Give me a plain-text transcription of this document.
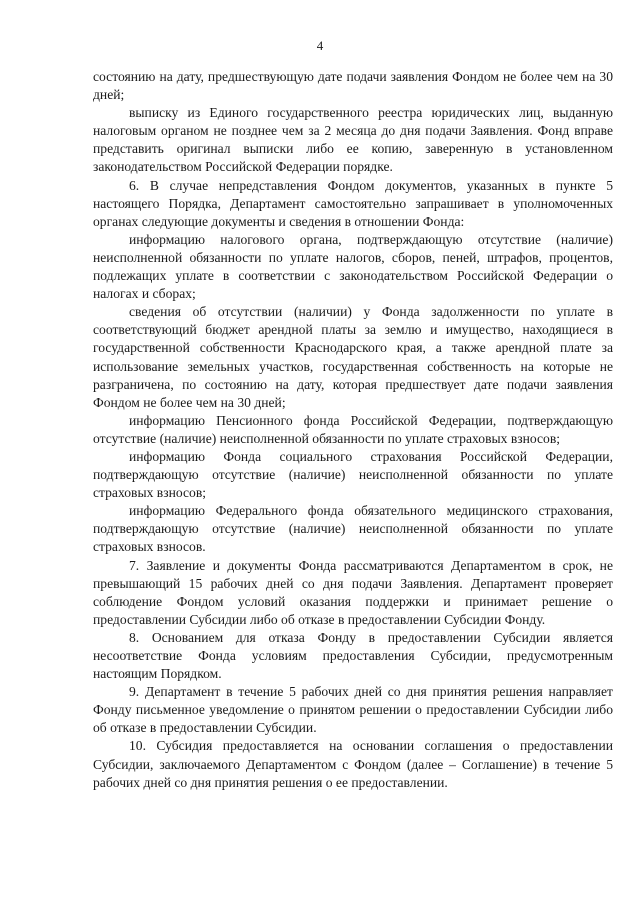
4

состоянию на дату, предшествующую дате подачи заявления Фондом не более чем на 30 дней;

выписку из Единого государственного реестра юридических лиц, выданную налоговым органом не позднее чем за 2 месяца до дня подачи Заявления. Фонд вправе представить оригинал выписки либо ее копию, заверенную в установленном законодательством Российской Федерации порядке.

6. В случае непредставления Фондом документов, указанных в пункте 5 настоящего Порядка, Департамент самостоятельно запрашивает в уполномоченных органах следующие документы и сведения в отношении Фонда:

информацию налогового органа, подтверждающую отсутствие (наличие) неисполненной обязанности по уплате налогов, сборов, пеней, штрафов, процентов, подлежащих уплате в соответствии с законодательством Российской Федерации о налогах и сборах;

сведения об отсутствии (наличии) у Фонда задолженности по уплате в соответствующий бюджет арендной платы за землю и имущество, находящиеся в государственной собственности Краснодарского края, а также арендной плате за использование земельных участков, государственная собственность на которые не разграничена, по состоянию на дату, которая предшествует дате подачи заявления Фондом не более чем на 30 дней;

информацию Пенсионного фонда Российской Федерации, подтверждающую отсутствие (наличие) неисполненной обязанности по уплате страховых взносов;

информацию Фонда социального страхования Российской Федерации, подтверждающую отсутствие (наличие) неисполненной обязанности по уплате страховых взносов;

информацию Федерального фонда обязательного медицинского страхования, подтверждающую отсутствие (наличие) неисполненной обязанности по уплате страховых взносов.

7. Заявление и документы Фонда рассматриваются Департаментом в срок, не превышающий 15 рабочих дней со дня подачи Заявления. Департамент проверяет соблюдение Фондом условий оказания поддержки и принимает решение о предоставлении Субсидии либо об отказе в предоставлении Субсидии Фонду.

8. Основанием для отказа Фонду в предоставлении Субсидии является несоответствие Фонда условиям предоставления Субсидии, предусмотренным настоящим Порядком.

9. Департамент в течение 5 рабочих дней со дня принятия решения направляет Фонду письменное уведомление о принятом решении о предоставлении Субсидии либо об отказе в предоставлении Субсидии.

10. Субсидия предоставляется на основании соглашения о предоставлении Субсидии, заключаемого Департаментом с Фондом (далее – Соглашение) в течение 5 рабочих дней со дня принятия решения о ее предоставлении.
